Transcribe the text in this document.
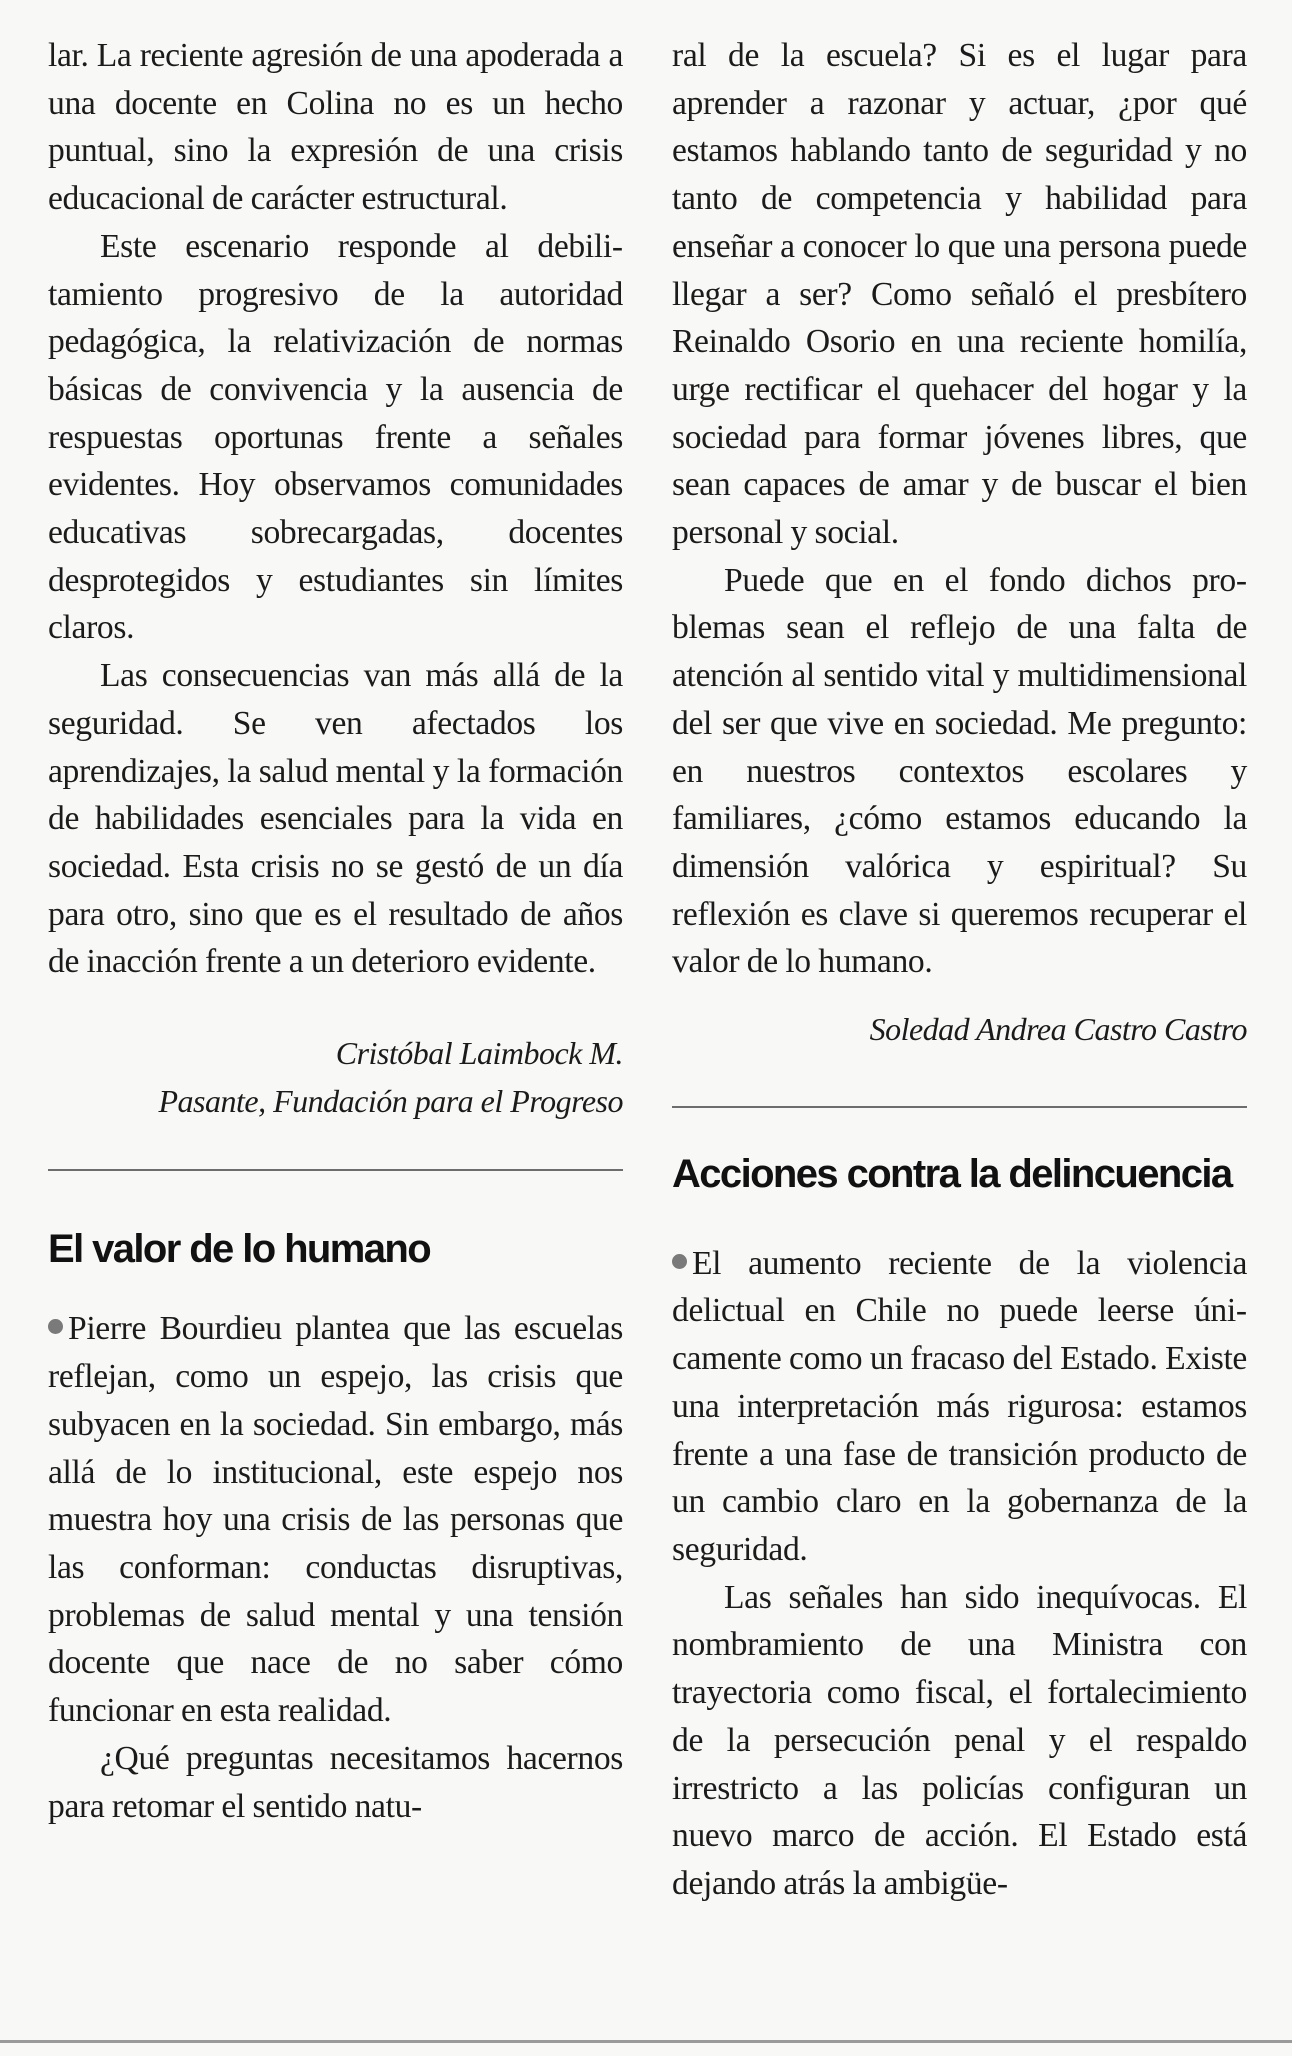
lar. La reciente agresión de una apoderada a una docente en Colina no es un hecho puntual, sino la expresión de una crisis educacional de carácter estructural.

Este escenario responde al debilitamiento progresivo de la autoridad pedagógica, la relativización de normas básicas de convivencia y la ausencia de respuestas oportunas frente a señales evidentes. Hoy observamos comunidades educativas sobrecargadas, docentes desprotegidos y estudiantes sin límites claros.

Las consecuencias van más allá de la seguridad. Se ven afectados los aprendizajes, la salud mental y la formación de habilidades esenciales para la vida en sociedad. Esta crisis no se gestó de un día para otro, sino que es el resultado de años de inacción frente a un deterioro evidente.

Cristóbal Laimbock M.

Pasante, Fundación para el Progreso

El valor de lo humano

Pierre Bourdieu plantea que las escuelas reflejan, como un espejo, las crisis que subyacen en la sociedad. Sin embargo, más allá de lo institucional, este espejo nos muestra hoy una crisis de las personas que las conforman: conductas disruptivas, problemas de salud mental y una tensión docente que nace de no saber cómo funcionar en esta realidad.

¿Qué preguntas necesitamos hacernos para retomar el sentido natu-

ral de la escuela? Si es el lugar para aprender a razonar y actuar, ¿por qué estamos hablando tanto de seguridad y no tanto de competencia y habilidad para enseñar a conocer lo que una persona puede llegar a ser? Como señaló el presbítero Reinaldo Osorio en una reciente homilía, urge rectificar el quehacer del hogar y la sociedad para formar jóvenes libres, que sean capaces de amar y de buscar el bien personal y social.

Puede que en el fondo dichos problemas sean el reflejo de una falta de atención al sentido vital y multidimensional del ser que vive en sociedad. Me pregunto: en nuestros contextos escolares y familiares, ¿cómo estamos educando la dimensión valórica y espiritual? Su reflexión es clave si queremos recuperar el valor de lo humano.

Soledad Andrea Castro Castro

Acciones contra la delincuencia

El aumento reciente de la violencia delictual en Chile no puede leerse únicamente como un fracaso del Estado. Existe una interpretación más rigurosa: estamos frente a una fase de transición producto de un cambio claro en la gobernanza de la seguridad.

Las señales han sido inequívocas. El nombramiento de una Ministra con trayectoria como fiscal, el fortalecimiento de la persecución penal y el respaldo irrestricto a las policías configuran un nuevo marco de acción. El Estado está dejando atrás la ambigüe-
